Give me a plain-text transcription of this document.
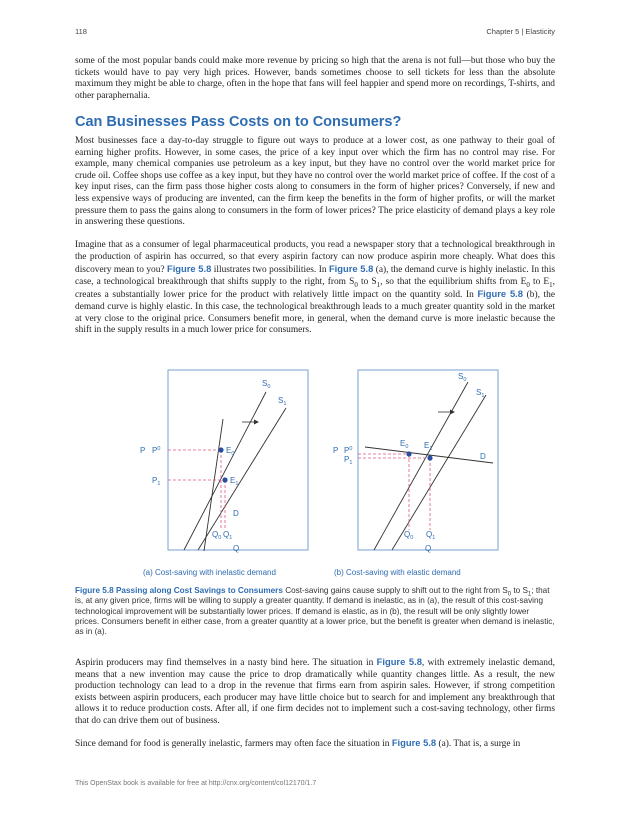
118	Chapter 5 | Elasticity

some of the most popular bands could make more revenue by pricing so high that the arena is not full—but those who buy the tickets would have to pay very high prices. However, bands sometimes choose to sell tickets for less than the absolute maximum they might be able to charge, often in the hope that fans will feel happier and spend more on recordings, T-shirts, and other paraphernalia.

Can Businesses Pass Costs on to Consumers?

Most businesses face a day-to-day struggle to figure out ways to produce at a lower cost, as one pathway to their goal of earning higher profits. However, in some cases, the price of a key input over which the firm has no control may rise. For example, many chemical companies use petroleum as a key input, but they have no control over the world market price for crude oil. Coffee shops use coffee as a key input, but they have no control over the world market price of coffee. If the cost of a key input rises, can the firm pass those higher costs along to consumers in the form of higher prices? Conversely, if new and less expensive ways of producing are invented, can the firm keep the benefits in the form of higher profits, or will the market pressure them to pass the gains along to consumers in the form of lower prices? The price elasticity of demand plays a key role in answering these questions.

Imagine that as a consumer of legal pharmaceutical products, you read a newspaper story that a technological breakthrough in the production of aspirin has occurred, so that every aspirin factory can now produce aspirin more cheaply. What does this discovery mean to you? Figure 5.8 illustrates two possibilities. In Figure 5.8 (a), the demand curve is highly inelastic. In this case, a technological breakthrough that shifts supply to the right, from $S_0$ to $S_1$, so that the equilibrium shifts from $E_0$ to $E_1$, creates a substantially lower price for the product with relatively little impact on the quantity sold. In Figure 5.8 (b), the demand curve is highly elastic. In this case, the technological breakthrough leads to a much greater quantity sold in the market at very close to the original price. Consumers benefit more, in general, when the demand curve is more inelastic because the shift in the supply results in a much lower price for consumers.

P $P^0$
$P_1$
$S_0$
$S_1$
$E_0$
$E_1$
D
$Q_0$ $Q_1$
Q
(a) Cost-saving with inelastic demand
P $P^0$
$P_1$
$S_0$
$S_1$
$E_0$ $E_1$
D
$Q_0$ $Q_1$
Q
(b) Cost-saving with elastic demand

Figure 5.8 Passing along Cost Savings to Consumers Cost-saving gains cause supply to shift out to the right from $S_0$ to $S_1$; that is, at any given price, firms will be willing to supply a greater quantity. If demand is inelastic, as in (a), the result of this cost-saving technological improvement will be substantially lower prices. If demand is elastic, as in (b), the result will be only slightly lower prices. Consumers benefit in either case, from a greater quantity at a lower price, but the benefit is greater when demand is inelastic, as in (a).

Aspirin producers may find themselves in a nasty bind here. The situation in Figure 5.8, with extremely inelastic demand, means that a new invention may cause the price to drop dramatically while quantity changes little. As a result, the new production technology can lead to a drop in the revenue that firms earn from aspirin sales. However, if strong competition exists between aspirin producers, each producer may have little choice but to search for and implement any breakthrough that allows it to reduce production costs. After all, if one firm decides not to implement such a cost-saving technology, other firms that do can drive them out of business.

Since demand for food is generally inelastic, farmers may often face the situation in Figure 5.8 (a). That is, a surge in

This OpenStax book is available for free at http://cnx.org/content/col12170/1.7
